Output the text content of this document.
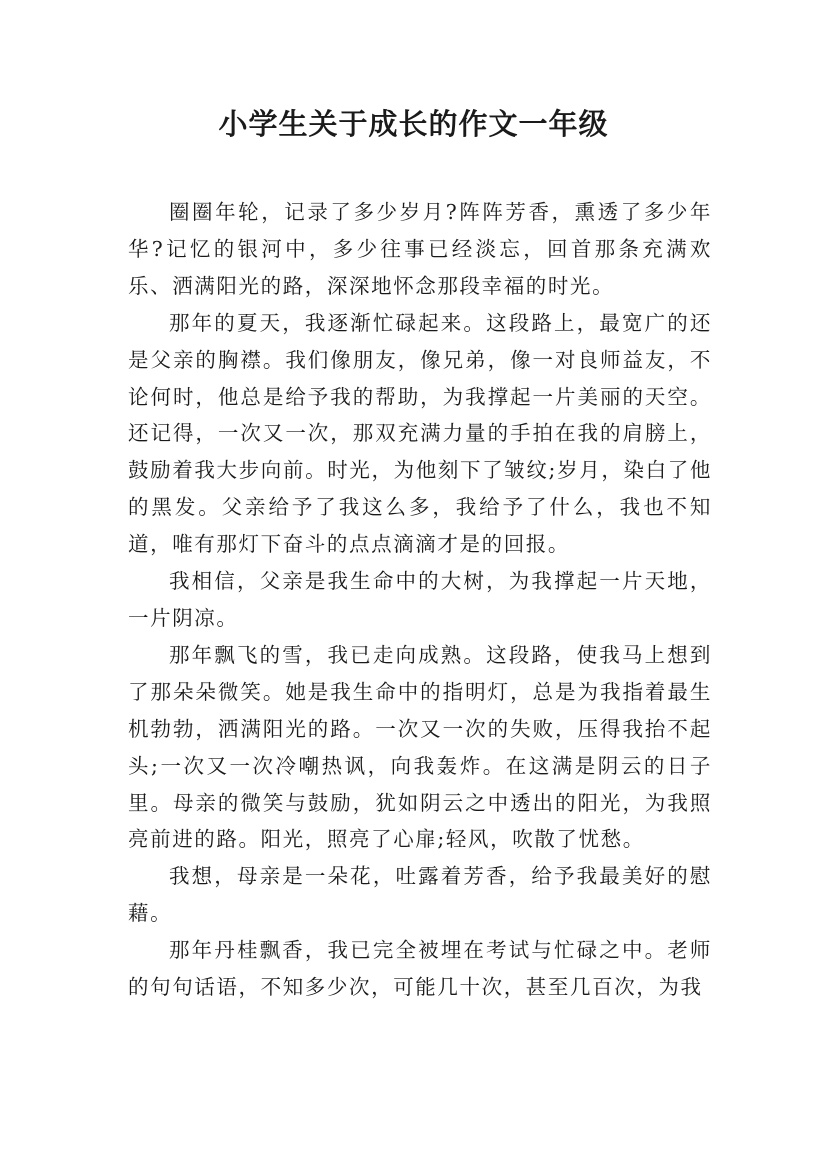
小学生关于成长的作文一年级

圈圈年轮，记录了多少岁月?阵阵芳香，熏透了多少年华?记忆的银河中，多少往事已经淡忘，回首那条充满欢乐、洒满阳光的路，深深地怀念那段幸福的时光。

那年的夏天，我逐渐忙碌起来。这段路上，最宽广的还是父亲的胸襟。我们像朋友，像兄弟，像一对良师益友，不论何时，他总是给予我的帮助，为我撑起一片美丽的天空。还记得，一次又一次，那双充满力量的手拍在我的肩膀上，鼓励着我大步向前。时光，为他刻下了皱纹;岁月，染白了他的黑发。父亲给予了我这么多，我给予了什么，我也不知道，唯有那灯下奋斗的点点滴滴才是的回报。

我相信，父亲是我生命中的大树，为我撑起一片天地，一片阴凉。

那年飘飞的雪，我已走向成熟。这段路，使我马上想到了那朵朵微笑。她是我生命中的指明灯，总是为我指着最生机勃勃，洒满阳光的路。一次又一次的失败，压得我抬不起头;一次又一次冷嘲热讽，向我轰炸。在这满是阴云的日子里。母亲的微笑与鼓励，犹如阴云之中透出的阳光，为我照亮前进的路。阳光，照亮了心扉;轻风，吹散了忧愁。

我想，母亲是一朵花，吐露着芳香，给予我最美好的慰藉。

那年丹桂飘香，我已完全被埋在考试与忙碌之中。老师的句句话语，不知多少次，可能几十次，甚至几百次，为我
